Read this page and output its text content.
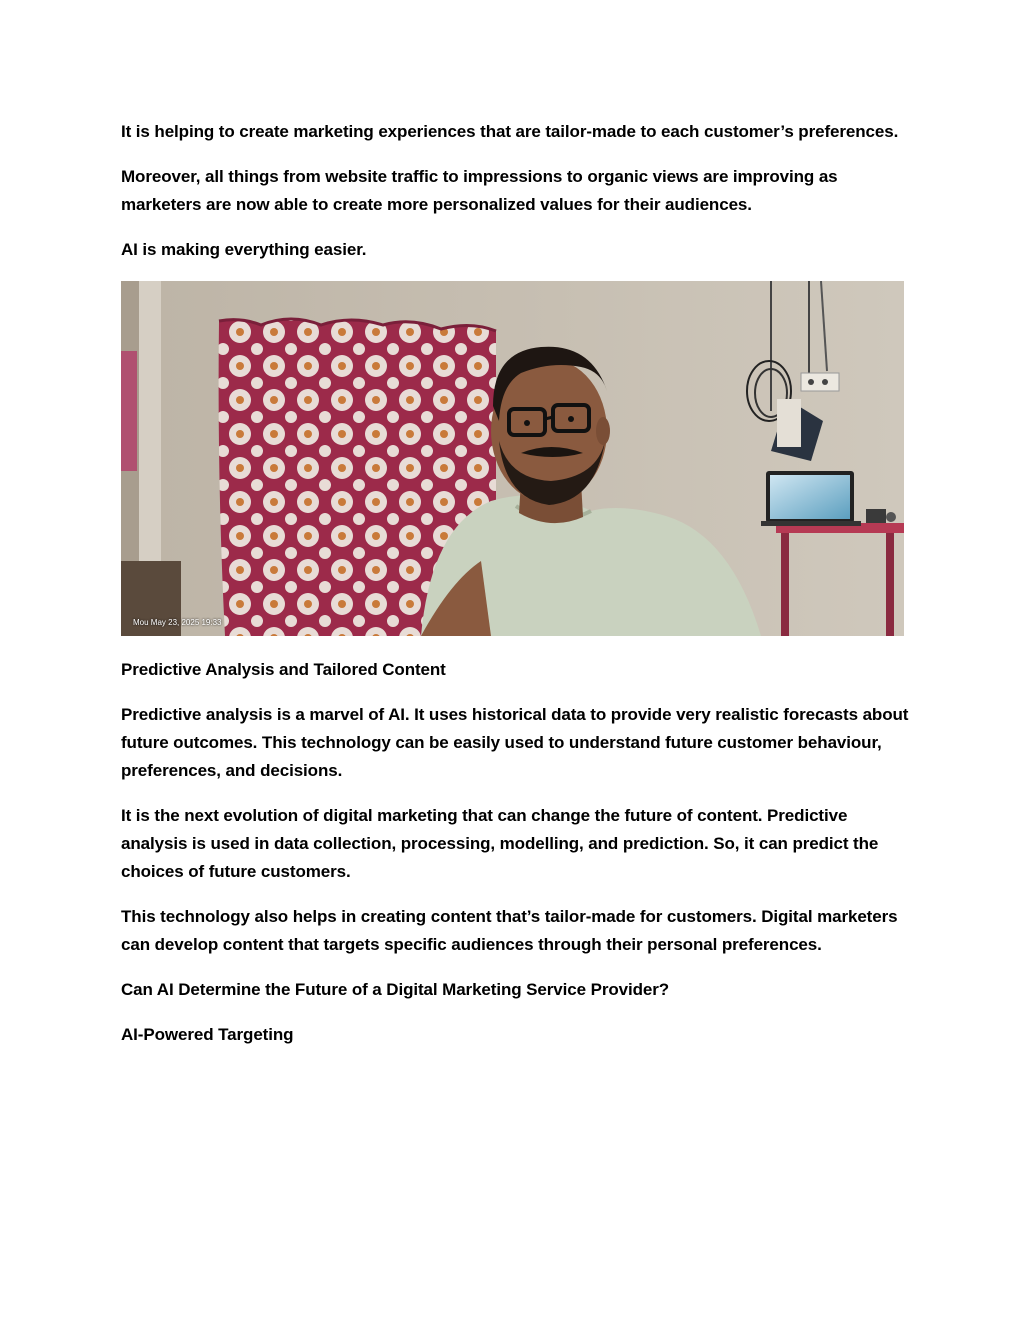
It is helping to create marketing experiences that are tailor-made to each customer’s preferences.

Moreover, all things from website traffic to impressions to organic views are improving as marketers are now able to create more personalized values for their audiences.

AI is making everything easier.

Mou May 23, 2025 19:33

Predictive Analysis and Tailored Content

Predictive analysis is a marvel of AI. It uses historical data to provide very realistic forecasts about future outcomes. This technology can be easily used to understand future customer behaviour, preferences, and decisions.

It is the next evolution of digital marketing that can change the future of content. Predictive analysis is used in data collection, processing, modelling, and prediction. So, it can predict the choices of future customers.

This technology also helps in creating content that’s tailor-made for customers. Digital marketers can develop content that targets specific audiences through their personal preferences.

Can AI Determine the Future of a Digital Marketing Service Provider?

AI-Powered Targeting
